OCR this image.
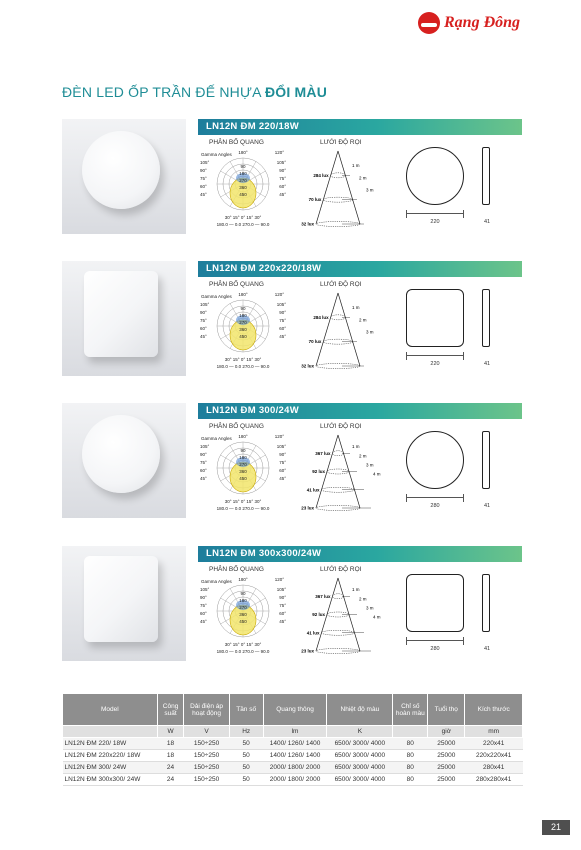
Rạng Đông
ĐÈN LED ỐP TRẦN ĐẾ NHỰA ĐỔI MÀU
LN12N ĐM 220/18W
PHÂN BỐ QUANG	LƯỚI ĐỘ RỌI
Gamma Angles 180°	120°
105°
90°
75°
60°
45°
105°
90°
75°
60°
45°
90
180
270
360
450
30° 15° 0° 15° 30°
180.0 — 0.0 270.0 — 90.0
284 lux
1 m
70 lux
2 m
32 lux
3 m
220	41
LN12N ĐM 220x220/18W
PHÂN BỐ QUANG	LƯỚI ĐỘ RỌI
Gamma Angles 180°	120°
105°
90°
75°
60°
45°
105°
90°
75°
60°
45°
90
180
270
360
450
30° 15° 0° 15° 30°
180.0 — 0.0 270.0 — 90.0
284 lux
1 m
70 lux
2 m
32 lux
3 m
220	41
LN12N ĐM 300/24W
PHÂN BỐ QUANG	LƯỚI ĐỘ RỌI
Gamma Angles 180°	120°
105°
90°
75°
60°
45°
105°
90°
75°
60°
45°
90
180
270
360
450
30° 15° 0° 15° 30°
180.0 — 0.0 270.0 — 90.0
367 lux
1 m
92 lux
2 m
41 lux
3 m
23 lux
4 m
280	41
LN12N ĐM 300x300/24W
PHÂN BỐ QUANG	LƯỚI ĐỘ RỌI
Gamma Angles 180°	120°
105°
90°
75°
60°
45°
105°
90°
75°
60°
45°
90
180
270
360
450
30° 15° 0° 15° 30°
180.0 — 0.0 270.0 — 90.0
367 lux
1 m
92 lux
2 m
41 lux
3 m
23 lux
4 m
280	41
Model	Công suất	Dải điện áp hoạt động	Tần số	Quang thông	Nhiệt độ màu	Chỉ số hoàn màu	Tuổi thọ	Kích thước
	W	V	Hz	lm	K		giờ	mm
LN12N ĐM 220/ 18W	18	150÷250	50	1400/ 1260/ 1400	6500/ 3000/ 4000	80	25000	220x41
LN12N ĐM 220x220/ 18W	18	150÷250	50	1400/ 1260/ 1400	6500/ 3000/ 4000	80	25000	220x220x41
LN12N ĐM 300/ 24W	24	150÷250	50	2000/ 1800/ 2000	6500/ 3000/ 4000	80	25000	280x41
LN12N ĐM 300x300/ 24W	24	150÷250	50	2000/ 1800/ 2000	6500/ 3000/ 4000	80	25000	280x280x41
21
